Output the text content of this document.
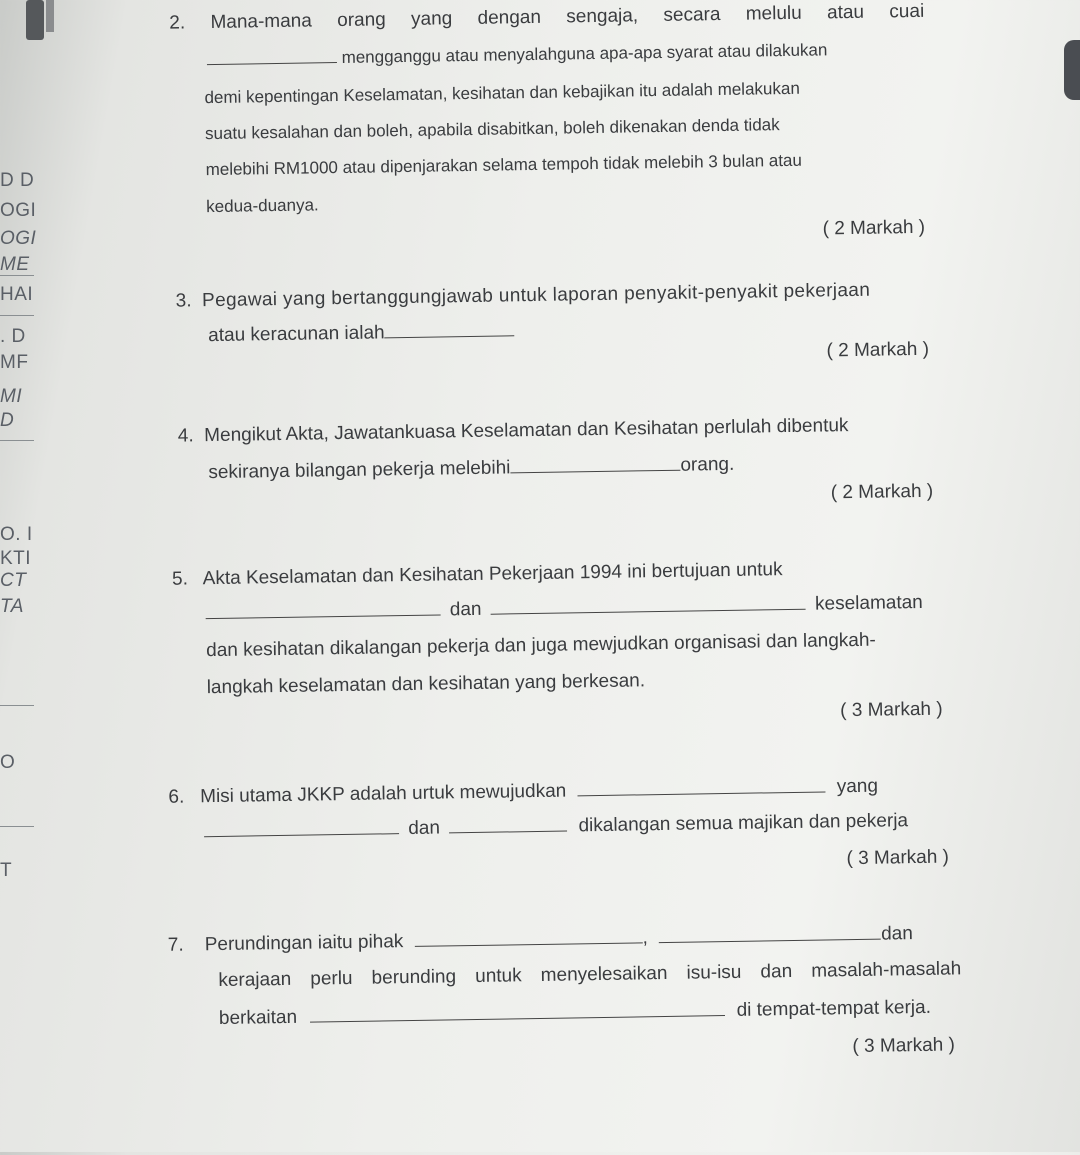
D D
OGI
OGI
ME
HAI
. D
MF
MI
D
O. I
KTI
CT
TA
O
T
2. Mana-mana orang yang dengan sengaja, secara melulu atau cuai
mengganggu atau menyalahguna apa-apa syarat atau dilakukan
demi kepentingan Keselamatan, kesihatan dan kebajikan itu adalah melakukan
suatu kesalahan dan boleh, apabila disabitkan, boleh dikenakan denda tidak
melebihi RM1000 atau dipenjarakan selama tempoh tidak melebih 3 bulan atau
kedua-duanya.
( 2 Markah )
3. Pegawai yang bertanggungjawab untuk laporan penyakit-penyakit pekerjaan
atau keracunan ialah
( 2 Markah )
4. Mengikut Akta, Jawatankuasa Keselamatan dan Kesihatan perlulah dibentuk
sekiranya bilangan pekerja melebihi	orang.
( 2 Markah )
5. Akta Keselamatan dan Kesihatan Pekerjaan 1994 ini bertujuan untuk
dan	keselamatan
dan kesihatan dikalangan pekerja dan juga mewjudkan organisasi dan langkah-
langkah keselamatan dan kesihatan yang berkesan.
( 3 Markah )
6. Misi utama JKKP adalah urtuk mewujudkan	yang
dan	dikalangan semua majikan dan pekerja
( 3 Markah )
7. Perundingan iaitu pihak	,	dan
kerajaan perlu berunding untuk menyelesaikan isu-isu dan masalah-masalah
berkaitan	di tempat-tempat kerja.
( 3 Markah )
